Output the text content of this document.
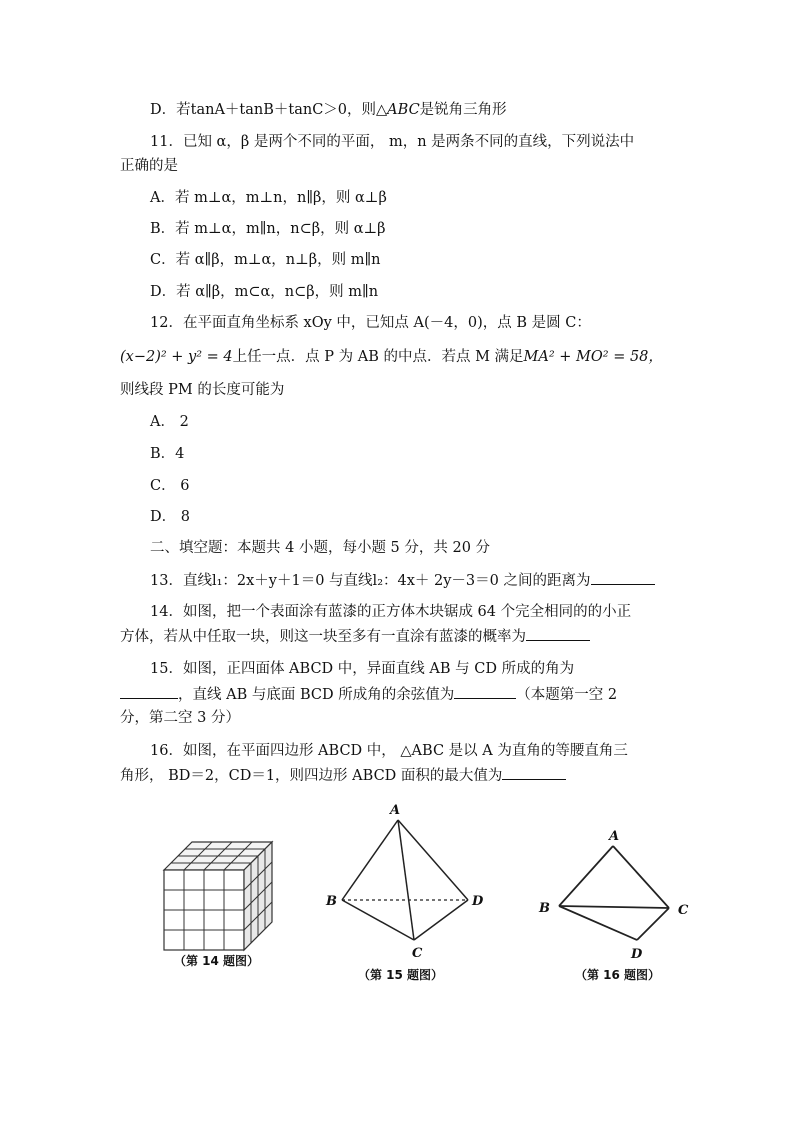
D．若tanA＋tanB＋tanC＞0，则△ABC是锐角三角形
11．已知 α，β 是两个不同的平面， m，n 是两条不同的直线，下列说法中
正确的是
A．若 m⊥α，m⊥n，n∥β，则 α⊥β
B．若 m⊥α，m∥n，n⊂β，则 α⊥β
C．若 α∥β，m⊥α，n⊥β，则 m∥n
D．若 α∥β，m⊂α，n⊂β，则 m∥n
12．在平面直角坐标系 xOy 中，已知点 A(－4，0)，点 B 是圆 C：
(x−2)² + y² = 4上任一点．点 P 为 AB 的中点．若点 M 满足MA² + MO² = 58，
则线段 PM 的长度可能为
A． 2
B．4
C． 6
D． 8
二、填空题：本题共 4 小题，每小题 5 分，共 20 分
13．直线l₁：2x＋y＋1＝0 与直线l₂：4x＋ 2y－3＝0 之间的距离为
14．如图，把一个表面涂有蓝漆的正方体木块锯成 64 个完全相同的的小正
方体，若从中任取一块，则这一块至多有一直涂有蓝漆的概率为
15．如图，正四面体 ABCD 中，异面直线 AB 与 CD 所成的角为
，直线 AB 与底面 BCD 所成角的余弦值为	（本题第一空 2
分，第二空 3 分）
16．如图，在平面四边形 ABCD 中， △ABC 是以 A 为直角的等腰直角三
角形， BD＝2，CD＝1，则四边形 ABCD 面积的最大值为
（第 14 题图）
A
B	D
C
（第 15 题图）
A
B	C
D
（第 16 题图）
